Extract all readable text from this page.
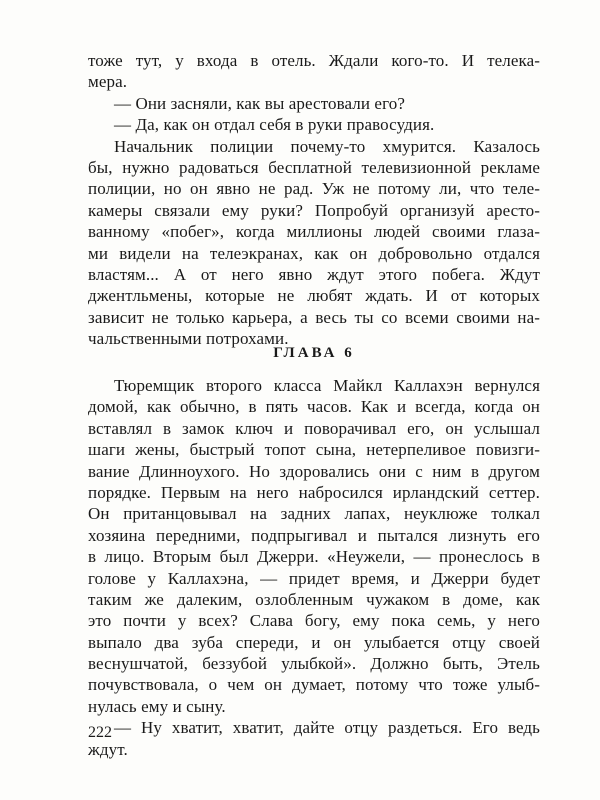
тоже тут, у входа в отель. Ждали кого-то. И телека-
мера.
— Они засняли, как вы арестовали его?
— Да, как он отдал себя в руки правосудия.
Начальник полиции почему-то хмурится. Казалось
бы, нужно радоваться бесплатной телевизионной рекламе
полиции, но он явно не рад. Уж не потому ли, что теле-
камеры связали ему руки? Попробуй организуй аресто-
ванному «побег», когда миллионы людей своими глаза-
ми видели на телеэкранах, как он добровольно отдался
властям... А от него явно ждут этого побега. Ждут
джентльмены, которые не любят ждать. И от которых
зависит не только карьера, а весь ты со всеми своими на-
чальственными потрохами.
ГЛАВА 6
Тюремщик второго класса Майкл Каллахэн вернулся
домой, как обычно, в пять часов. Как и всегда, когда он
вставлял в замок ключ и поворачивал его, он услышал
шаги жены, быстрый топот сына, нетерпеливое повизги-
вание Длинноухого. Но здоровались они с ним в другом
порядке. Первым на него набросился ирландский сеттер.
Он пританцовывал на задних лапах, неуклюже толкал
хозяина передними, подпрыгивал и пытался лизнуть его
в лицо. Вторым был Джерри. «Неужели, — пронеслось в
голове у Каллахэна, — придет время, и Джерри будет
таким же далеким, озлобленным чужаком в доме, как
это почти у всех? Слава богу, ему пока семь, у него
выпало два зуба спереди, и он улыбается отцу своей
веснушчатой, беззубой улыбкой». Должно быть, Этель
почувствовала, о чем он думает, потому что тоже улыб-
нулась ему и сыну.
— Ну хватит, хватит, дайте отцу раздеться. Его ведь
ждут.
222
